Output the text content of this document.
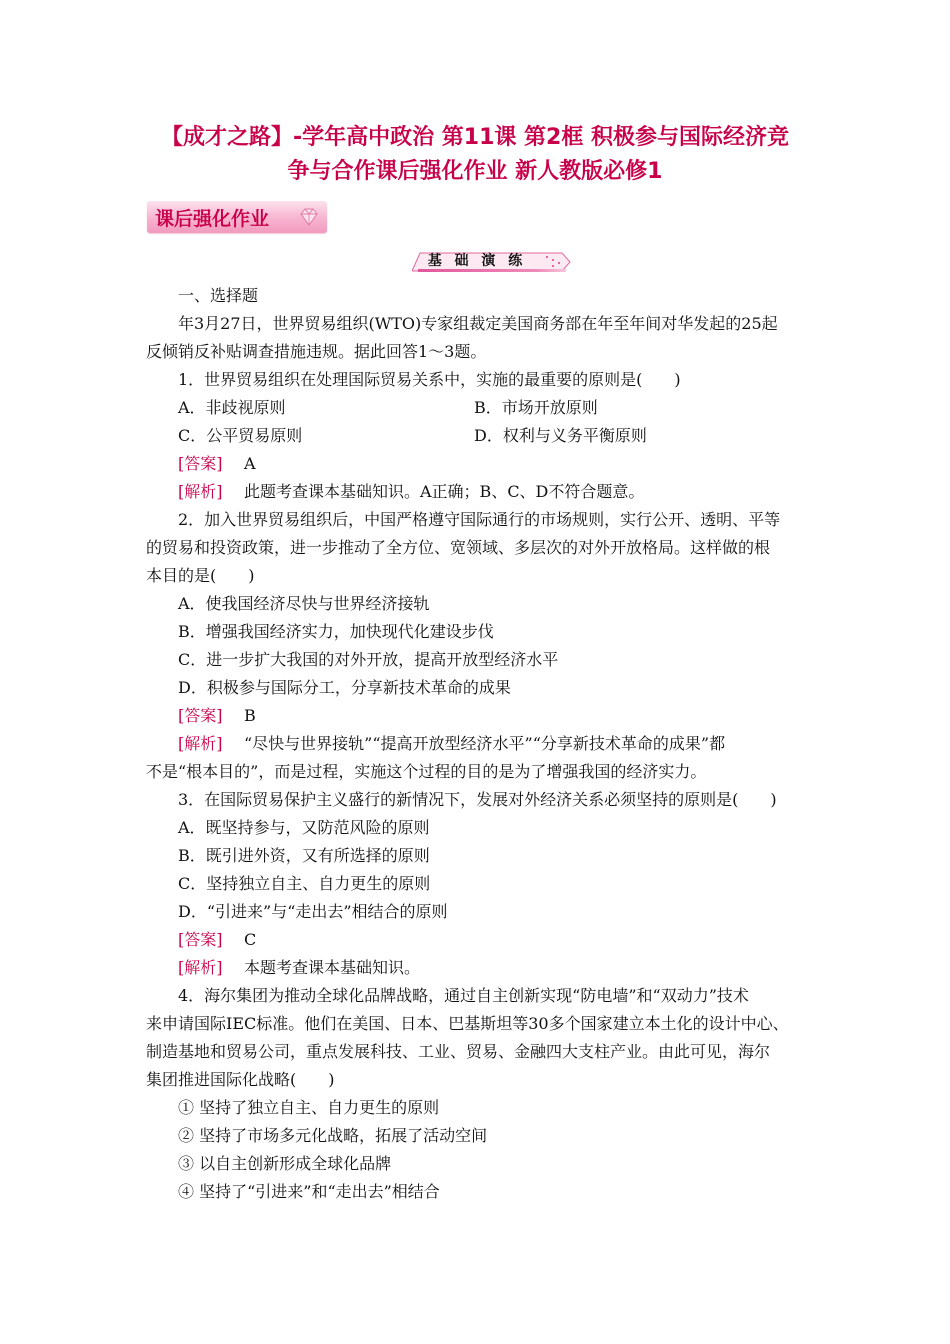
【成才之路】-学年高中政治 第11课 第2框 积极参与国际经济竞
争与合作课后强化作业 新人教版必修1
课后强化作业
基 础 演 练
一、选择题
年3月27日，世界贸易组织(WTO)专家组裁定美国商务部在年至年间对华发起的25起
反倾销反补贴调查措施违规。据此回答1～3题。
1．世界贸易组织在处理国际贸易关系中，实施的最重要的原则是(　　)
A．非歧视原则	B．市场开放原则
C．公平贸易原则	D．权利与义务平衡原则
[答案] A
[解析] 此题考查课本基础知识。A正确；B、C、D不符合题意。
2．加入世界贸易组织后，中国严格遵守国际通行的市场规则，实行公开、透明、平等
的贸易和投资政策，进一步推动了全方位、宽领域、多层次的对外开放格局。这样做的根
本目的是(　　)
A．使我国经济尽快与世界经济接轨
B．增强我国经济实力，加快现代化建设步伐
C．进一步扩大我国的对外开放，提高开放型经济水平
D．积极参与国际分工，分享新技术革命的成果
[答案] B
[解析] “尽快与世界接轨”“提高开放型经济水平”“分享新技术革命的成果”都
不是“根本目的”，而是过程，实施这个过程的目的是为了增强我国的经济实力。
3．在国际贸易保护主义盛行的新情况下，发展对外经济关系必须坚持的原则是(　　)
A．既坚持参与，又防范风险的原则
B．既引进外资，又有所选择的原则
C．坚持独立自主、自力更生的原则
D．“引进来”与“走出去”相结合的原则
[答案] C
[解析] 本题考查课本基础知识。
4．海尔集团为推动全球化品牌战略，通过自主创新实现“防电墙”和“双动力”技术
来申请国际IEC标准。他们在美国、日本、巴基斯坦等30多个国家建立本土化的设计中心、
制造基地和贸易公司，重点发展科技、工业、贸易、金融四大支柱产业。由此可见，海尔
集团推进国际化战略(　　)
① 坚持了独立自主、自力更生的原则
② 坚持了市场多元化战略，拓展了活动空间
③ 以自主创新形成全球化品牌
④ 坚持了“引进来”和“走出去”相结合
